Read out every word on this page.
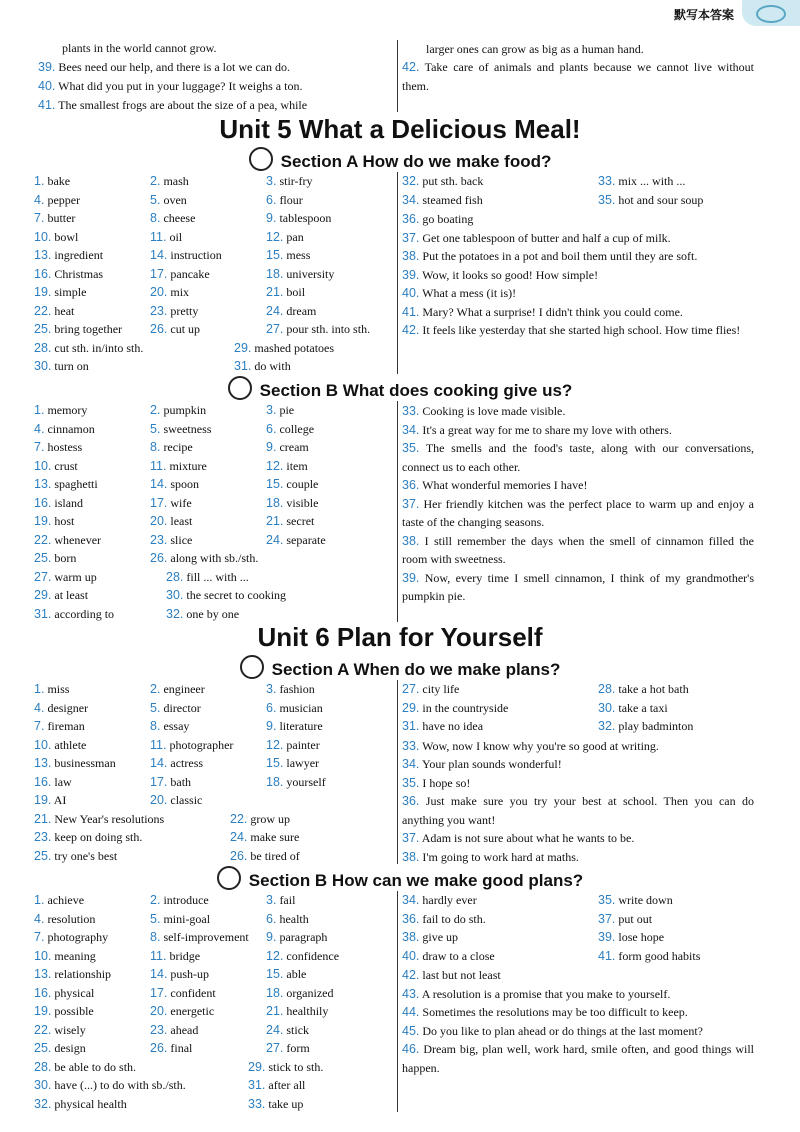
默写本答案
plants in the world cannot grow.
39. Bees need our help, and there is a lot we can do.
40. What did you put in your luggage? It weighs a ton.
41. The smallest frogs are about the size of a pea, while
larger ones can grow as big as a human hand.
42. Take care of animals and plants because we cannot live without them.
Unit 5 What a Delicious Meal!
Section A How do we make food?
1. bake	2. mash	3. stir-fry
4. pepper	5. oven	6. flour
7. butter	8. cheese	9. tablespoon
10. bowl	11. oil	12. pan
13. ingredient	14. instruction	15. mess
16. Christmas	17. pancake	18. university
19. simple	20. mix	21. boil
22. heat	23. pretty	24. dream
25. bring together 26. cut up	27. pour sth. into sth.
28. cut sth. in/into sth.	29. mashed potatoes
30. turn on	31. do with
32. put sth. back	33. mix ... with ...
34. steamed fish	35. hot and sour soup
36. go boating
37. Get one tablespoon of butter and half a cup of milk.
38. Put the potatoes in a pot and boil them until they are soft.
39. Wow, it looks so good! How simple!
40. What a mess (it is)!
41. Mary? What a surprise! I didn't think you could come.
42. It feels like yesterday that she started high school. How time flies!
Section B What does cooking give us?
1. memory	2. pumpkin	3. pie
4. cinnamon	5. sweetness	6. college
7. hostess	8. recipe	9. cream
10. crust	11. mixture	12. item
13. spaghetti	14. spoon	15. couple
16. island	17. wife	18. visible
19. host	20. least	21. secret
22. whenever	23. slice	24. separate
25. born	26. along with sb./sth.
27. warm up	28. fill ... with ...
29. at least	30. the secret to cooking
31. according to	32. one by one
33. Cooking is love made visible.
34. It's a great way for me to share my love with others.
35. The smells and the food's taste, along with our conversations, connect us to each other.
36. What wonderful memories I have!
37. Her friendly kitchen was the perfect place to warm up and enjoy a taste of the changing seasons.
38. I still remember the days when the smell of cinnamon filled the room with sweetness.
39. Now, every time I smell cinnamon, I think of my grandmother's pumpkin pie.
Unit 6 Plan for Yourself
Section A When do we make plans?
1. miss	2. engineer	3. fashion
4. designer	5. director	6. musician
7. fireman	8. essay	9. literature
10. athlete	11. photographer	12. painter
13. businessman	14. actress	15. lawyer
16. law	17. bath	18. yourself
19. AI	20. classic
21. New Year's resolutions	22. grow up
23. keep on doing sth.	24. make sure
25. try one's best	26. be tired of
27. city life	28. take a hot bath
29. in the countryside	30. take a taxi
31. have no idea	32. play badminton
33. Wow, now I know why you're so good at writing.
34. Your plan sounds wonderful!
35. I hope so!
36. Just make sure you try your best at school. Then you can do anything you want!
37. Adam is not sure about what he wants to be.
38. I'm going to work hard at maths.
Section B How can we make good plans?
1. achieve	2. introduce	3. fail
4. resolution	5. mini-goal	6. health
7. photography	8. self-improvement 9. paragraph
10. meaning	11. bridge	12. confidence
13. relationship	14. push-up	15. able
16. physical	17. confident	18. organized
19. possible	20. energetic	21. healthily
22. wisely	23. ahead	24. stick
25. design	26. final	27. form
28. be able to do sth.	29. stick to sth.
30. have (...) to do with sb./sth.	31. after all
32. physical health	33. take up
34. hardly ever	35. write down
36. fail to do sth.	37. put out
38. give up	39. lose hope
40. draw to a close	41. form good habits
42. last but not least
43. A resolution is a promise that you make to yourself.
44. Sometimes the resolutions may be too difficult to keep.
45. Do you like to plan ahead or do things at the last moment?
46. Dream big, plan well, work hard, smile often, and good things will happen.
